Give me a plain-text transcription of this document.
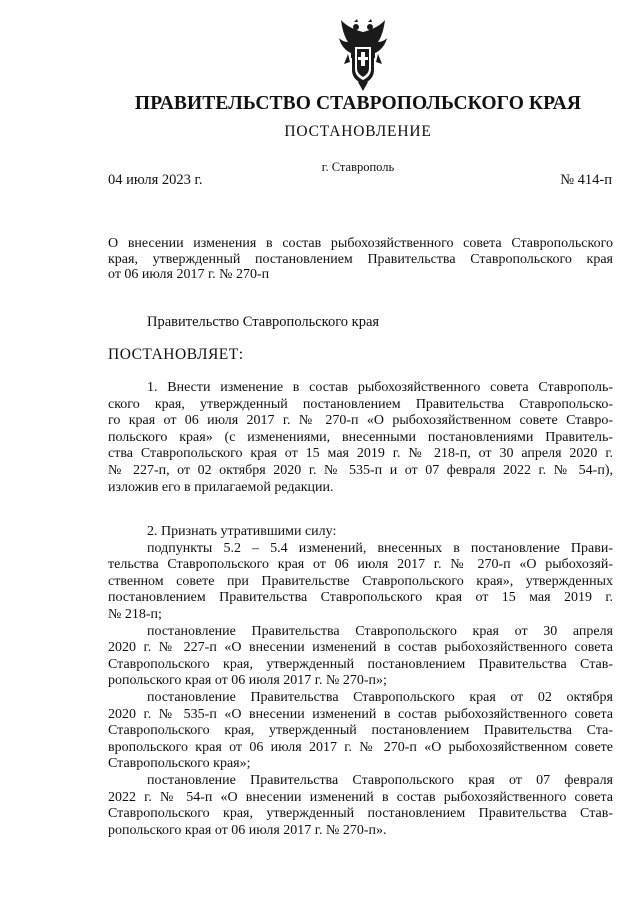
ПРАВИТЕЛЬСТВО СТАВРОПОЛЬСКОГО КРАЯ

ПОСТАНОВЛЕНИЕ

г. Ставрополь

04 июля 2023 г.	№ 414-п
О внесении изменения в состав рыбохозяйственного совета Ставропольского
края, утвержденный постановлением Правительства Ставропольского края
от 06 июля 2017 г. № 270-п
Правительство Ставропольского края
ПОСТАНОВЛЯЕТ:
1. Внести изменение в состав рыбохозяйственного совета Ставрополь-
ского края, утвержденный постановлением Правительства Ставропольско-
го края от 06 июля 2017 г. № 270-п «О рыбохозяйственном совете Ставро-
польского края» (с изменениями, внесенными постановлениями Правитель-
ства Ставропольского края от 15 мая 2019 г. № 218-п, от 30 апреля 2020 г.
№ 227-п, от 02 октября 2020 г. № 535-п и от 07 февраля 2022 г. № 54-п),
изложив его в прилагаемой редакции.
2. Признать утратившими силу:
подпункты 5.2 – 5.4 изменений, внесенных в постановление Прави-
тельства Ставропольского края от 06 июля 2017 г. № 270-п «О рыбохозяй-
ственном совете при Правительстве Ставропольского края», утвержденных
постановлением Правительства Ставропольского края от 15 мая 2019 г.
№ 218-п;
постановление Правительства Ставропольского края от 30 апреля
2020 г. № 227-п «О внесении изменений в состав рыбохозяйственного совета
Ставропольского края, утвержденный постановлением Правительства Став-
ропольского края от 06 июля 2017 г. № 270-п»;
постановление Правительства Ставропольского края от 02 октября
2020 г. № 535-п «О внесении изменений в состав рыбохозяйственного совета
Ставропольского края, утвержденный постановлением Правительства Ста-
вропольского края от 06 июля 2017 г. № 270-п «О рыбохозяйственном совете
Ставропольского края»;
постановление Правительства Ставропольского края от 07 февраля
2022 г. № 54-п «О внесении изменений в состав рыбохозяйственного совета
Ставропольского края, утвержденный постановлением Правительства Став-
ропольского края от 06 июля 2017 г. № 270-п».
